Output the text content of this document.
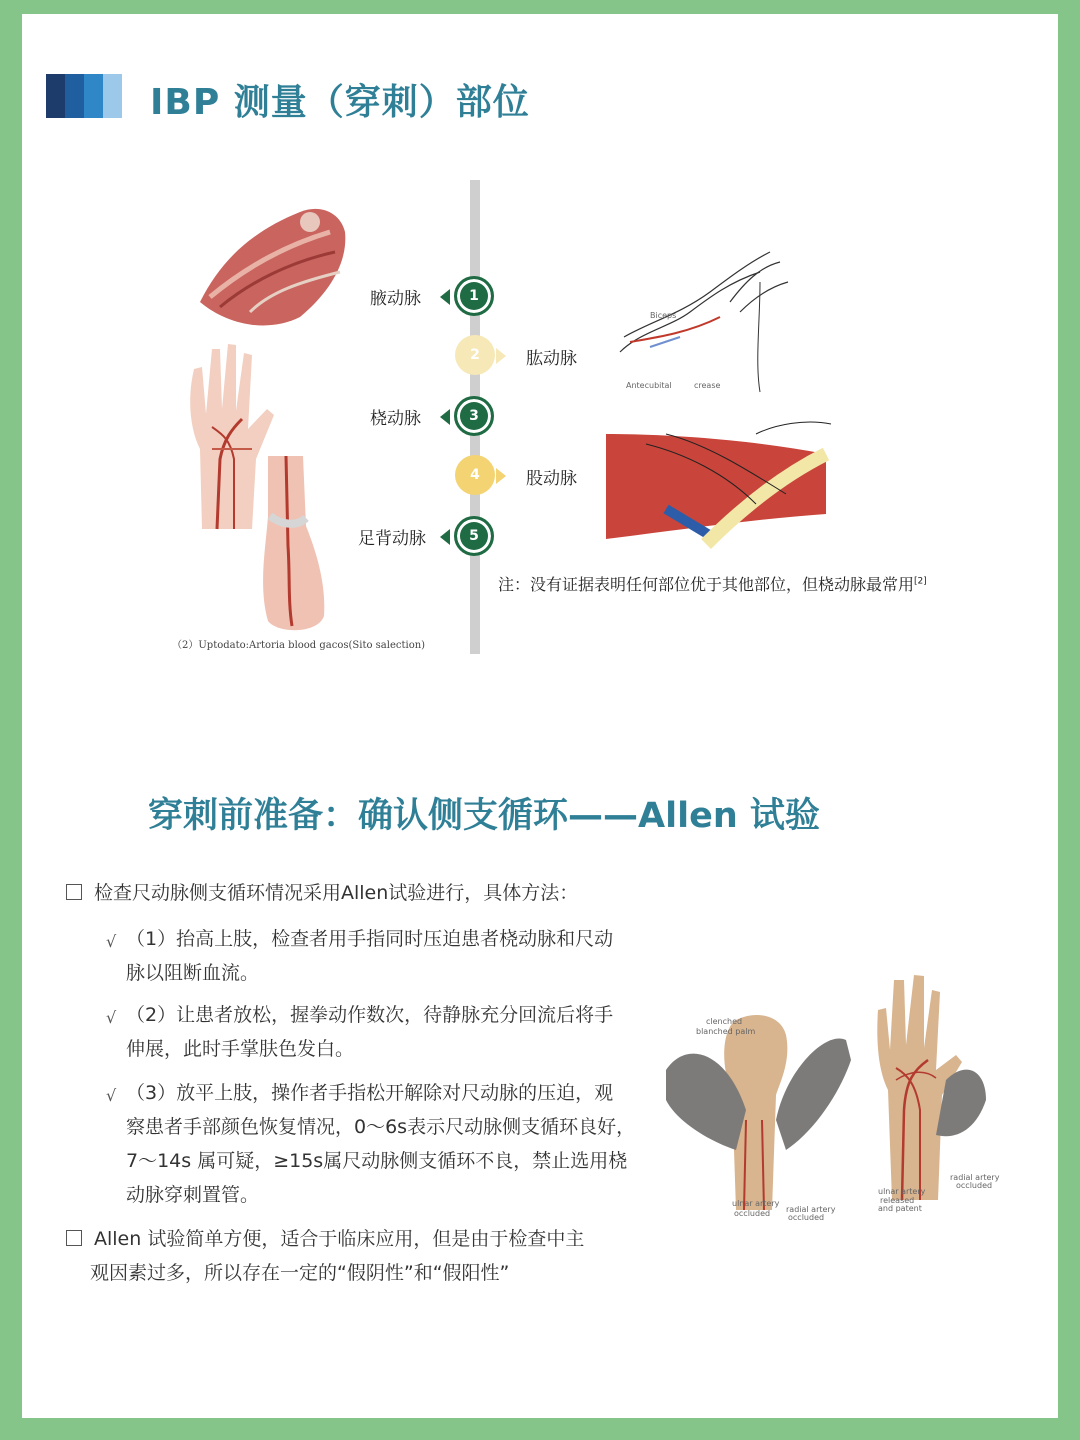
IBP 测量（穿刺）部位
1
腋动脉
2	肱动脉
3
桡动脉
4	股动脉
5
足背动脉
Biceps
Antecubital	crease
（2）Uptodato:Artoria blood gacos(Sito salection)
注：没有证据表明任何部位优于其他部位，但桡动脉最常用[2]
穿刺前准备：确认侧支循环——Allen 试验
检查尺动脉侧支循环情况采用Allen试验进行，具体方法：
√ （1）抬高上肢，检查者用手指同时压迫患者桡动脉和尺动
脉以阻断血流。
√ （2）让患者放松，握拳动作数次，待静脉充分回流后将手
伸展，此时手掌肤色发白。
√ （3）放平上肢，操作者手指松开解除对尺动脉的压迫，观
察患者手部颜色恢复情况，0～6s表示尺动脉侧支循环良好，
7～14s 属可疑，≥15s属尺动脉侧支循环不良，禁止选用桡
动脉穿刺置管。
Allen 试验简单方便，适合于临床应用，但是由于检查中主
观因素过多，所以存在一定的“假阴性”和“假阳性”
clenched
blanched palm
ulnar artery
occluded radial artery
occluded
ulnar artery
released
and patent
radial artery
occluded
